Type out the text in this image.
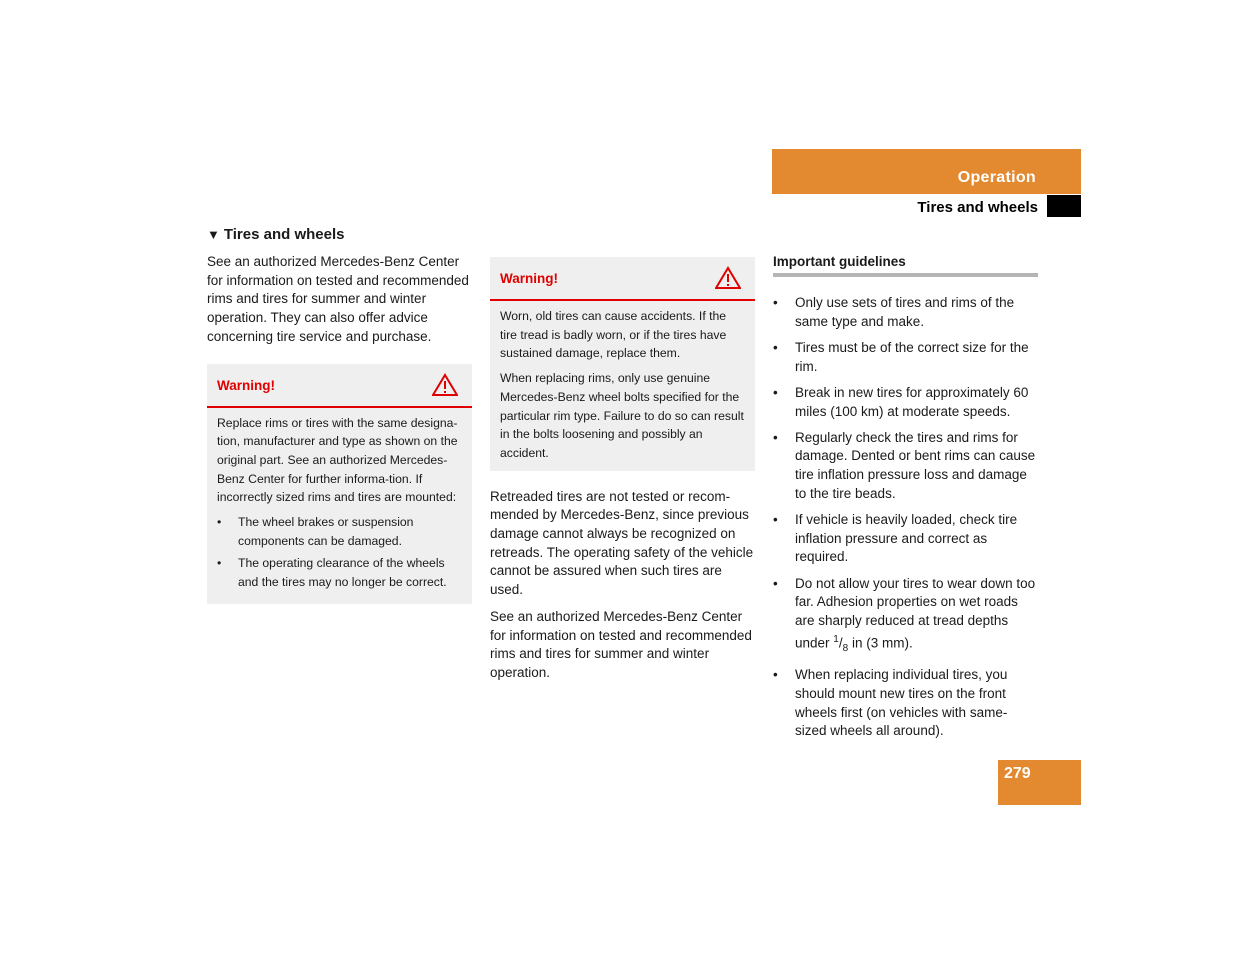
Operation
Tires and wheels
▼ Tires and wheels

See an authorized Mercedes-Benz Center for information on tested and recommended rims and tires for summer and winter operation. They can also offer advice concerning tire service and purchase.

Warning!

Replace rims or tires with the same designa-tion, manufacturer and type as shown on the original part. See an authorized Mercedes-Benz Center for further informa-tion. If incorrectly sized rims and tires are mounted:

• The wheel brakes or suspension components can be damaged.
• The operating clearance of the wheels and the tires may no longer be correct.
Warning!

Worn, old tires can cause accidents. If the tire tread is badly worn, or if the tires have sustained damage, replace them.

When replacing rims, only use genuine Mercedes-Benz wheel bolts specified for the particular rim type. Failure to do so can result in the bolts loosening and possibly an accident.

Retreaded tires are not tested or recom-mended by Mercedes-Benz, since previous damage cannot always be recognized on retreads. The operating safety of the vehicle cannot be assured when such tires are used.

See an authorized Mercedes-Benz Center for information on tested and recommended rims and tires for summer and winter operation.

Important guidelines
• Only use sets of tires and rims of the same type and make.
• Tires must be of the correct size for the rim.
• Break in new tires for approximately 60 miles (100 km) at moderate speeds.
• Regularly check the tires and rims for damage. Dented or bent rims can cause tire inflation pressure loss and damage to the tire beads.
• If vehicle is heavily loaded, check tire inflation pressure and correct as required.
• Do not allow your tires to wear down too far. Adhesion properties on wet roads are sharply reduced at tread depths under $^1/_8$ in (3 mm).
• When replacing individual tires, you should mount new tires on the front wheels first (on vehicles with same-sized wheels all around).
279
